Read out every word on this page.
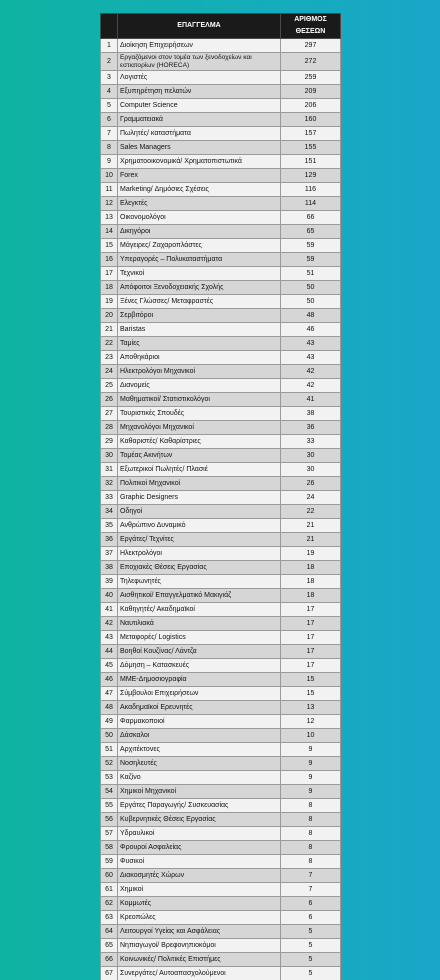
	ΕΠΑΓΓΕΛΜΑ	ΑΡΙΘΜΟΣ ΘΕΣΕΩΝ
1	Διοίκηση Επιχειρήσεων	297
2	Εργαζόμενοι στον τομέα των ξενοδοχείων και εστιατορίων (HORECA)	272
3	Λογιστές	259
4	Εξυπηρέτηση πελατών	209
5	Computer Science	206
6	Γραμματειακά	160
7	Πωλητές/ καταστήματα	157
8	Sales Managers	155
9	Χρηματοοικονομικά/ Χρηματοπιστωτικά	151
10	Forex	129
11	Marketing/ Δημόσιες Σχέσεις	116
12	Ελεγκτές	114
13	Οικονομολόγοι	66
14	Δικηγόροι	65
15	Μάγειρες/ Ζαχαροπλάστες	59
16	Υπεραγορές – Πολυκαταστήματα	59
17	Τεχνικοί	51
18	Απόφοιτοι Ξενοδοχειακής Σχολής	50
19	Ξένες Γλώσσες/ Μεταφραστές	50
20	Σερβιτόροι	48
21	Baristas	46
22	Ταμίες	43
23	Αποθηκάριοι	43
24	Ηλεκτρολόγοι Μηχανικοί	42
25	Διανομείς	42
26	Μαθηματικοί/ Στατιστικολόγοι	41
27	Τουριστικές Σπουδές	38
28	Μηχανολόγοι Μηχανικοί	36
29	Καθαριστές/ Καθαρίστριες	33
30	Τομέας Ακινήτων	30
31	Εξωτερικοί Πωλητές/ Πλασιέ	30
32	Πολιτικοί Μηχανικοί	26
33	Graphic Designers	24
34	Οδηγοί	22
35	Ανθρώπινο Δυναμικό	21
36	Εργάτες/ Τεχνίτες	21
37	Ηλεκτρολόγοι	19
38	Εποχιακές Θέσεις Εργασίας	18
39	Τηλεφωνητές	18
40	Αισθητικοί/ Επαγγελματικό Μακιγιάζ	18
41	Καθηγητές/ Ακαδημαϊκοί	17
42	Ναυτιλιακά	17
43	Μεταφορές/ Logistics	17
44	Βοηθοί Κουζίνας/ Λάντζα	17
45	Δόμηση – Κατασκευές	17
46	ΜΜΕ-Δημοσιογραφία	15
47	Σύμβουλοι Επιχειρήσεων	15
48	Ακαδημαϊκοί Ερευνητές	13
49	Φαρμακοποιοί	12
50	Δάσκαλοι	10
51	Αρχιτέκτονες	9
52	Νοσηλευτές	9
53	Καζίνο	9
54	Χημικοί Μηχανικοί	9
55	Εργάτες Παραγωγής/ Συσκευασίας	8
56	Κυβερνητικές Θέσεις Εργασίας	8
57	Υδραυλικοί	8
58	Φρουροί Ασφαλείας	8
59	Φυσικοί	8
60	Διακοσμητές Χώρων	7
61	Χημικοί	7
62	Κομμωτές	6
63	Κρεοπώλες	6
64	Λειτουργοί Υγείας και Ασφάλειας	5
65	Νηπιαγωγοί/ Βρεφονηπιοκόμοι	5
66	Κοινωνικές/ Πολιτικές Επιστήμες	5
67	Συνεργάτες/ Αυτοαπασχολούμενοι	5
